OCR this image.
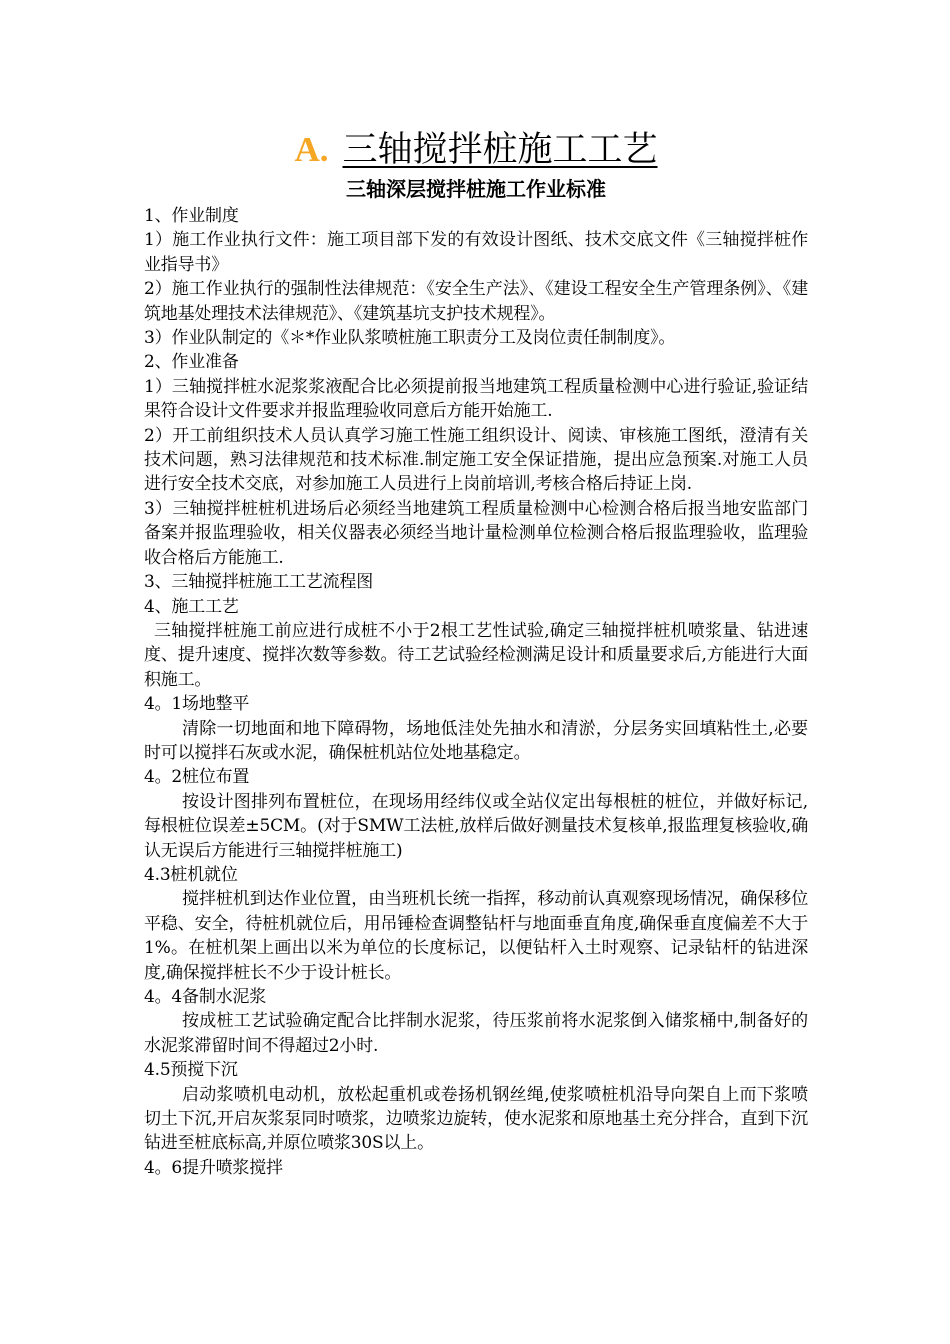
A. 三轴搅拌桩施工工艺
三轴深层搅拌桩施工作业标准

1、作业制度

1）施工作业执行文件：施工项目部下发的有效设计图纸、技术交底文件《三轴搅拌桩作业指导书》

2）施工作业执行的强制性法律规范：《安全生产法》、《建设工程安全生产管理条例》、《建筑地基处理技术法律规范》、《建筑基坑支护技术规程》。

3）作业队制定的《＊*作业队浆喷桩施工职责分工及岗位责任制制度》。

2、作业准备

1）三轴搅拌桩水泥浆浆液配合比必须提前报当地建筑工程质量检测中心进行验证,验证结果符合设计文件要求并报监理验收同意后方能开始施工.

2）开工前组织技术人员认真学习施工性施工组织设计、阅读、审核施工图纸，澄清有关技术问题，熟习法律规范和技术标准.制定施工安全保证措施，提出应急预案.对施工人员进行安全技术交底，对参加施工人员进行上岗前培训,考核合格后持证上岗.

3）三轴搅拌桩桩机进场后必须经当地建筑工程质量检测中心检测合格后报当地安监部门备案并报监理验收，相关仪器表必须经当地计量检测单位检测合格后报监理验收，监理验收合格后方能施工.

3、三轴搅拌桩施工工艺流程图

4、施工工艺

三轴搅拌桩施工前应进行成桩不小于2根工艺性试验,确定三轴搅拌桩机喷浆量、钻进速度、提升速度、搅拌次数等参数。待工艺试验经检测满足设计和质量要求后,方能进行大面积施工。

4。1场地整平

清除一切地面和地下障碍物，场地低洼处先抽水和清淤，分层务实回填粘性土,必要时可以搅拌石灰或水泥，确保桩机站位处地基稳定。

4。2桩位布置

按设计图排列布置桩位，在现场用经纬仪或全站仪定出每根桩的桩位，并做好标记,每根桩位误差±5CM。(对于SMW工法桩,放样后做好测量技术复核单,报监理复核验收,确认无误后方能进行三轴搅拌桩施工)

4.3桩机就位

搅拌桩机到达作业位置，由当班机长统一指挥，移动前认真观察现场情况，确保移位平稳、安全，待桩机就位后，用吊锤检查调整钻杆与地面垂直角度,确保垂直度偏差不大于1%。在桩机架上画出以米为单位的长度标记，以便钻杆入土时观察、记录钻杆的钻进深度,确保搅拌桩长不少于设计桩长。

4。4备制水泥浆

按成桩工艺试验确定配合比拌制水泥浆，待压浆前将水泥浆倒入储浆桶中,制备好的水泥浆滞留时间不得超过2小时.

4.5预搅下沉

启动浆喷机电动机，放松起重机或卷扬机钢丝绳,使浆喷桩机沿导向架自上而下浆喷切土下沉,开启灰浆泵同时喷浆，边喷浆边旋转，使水泥浆和原地基土充分拌合，直到下沉钻进至桩底标高,并原位喷浆30S以上。

4。6提升喷浆搅拌
